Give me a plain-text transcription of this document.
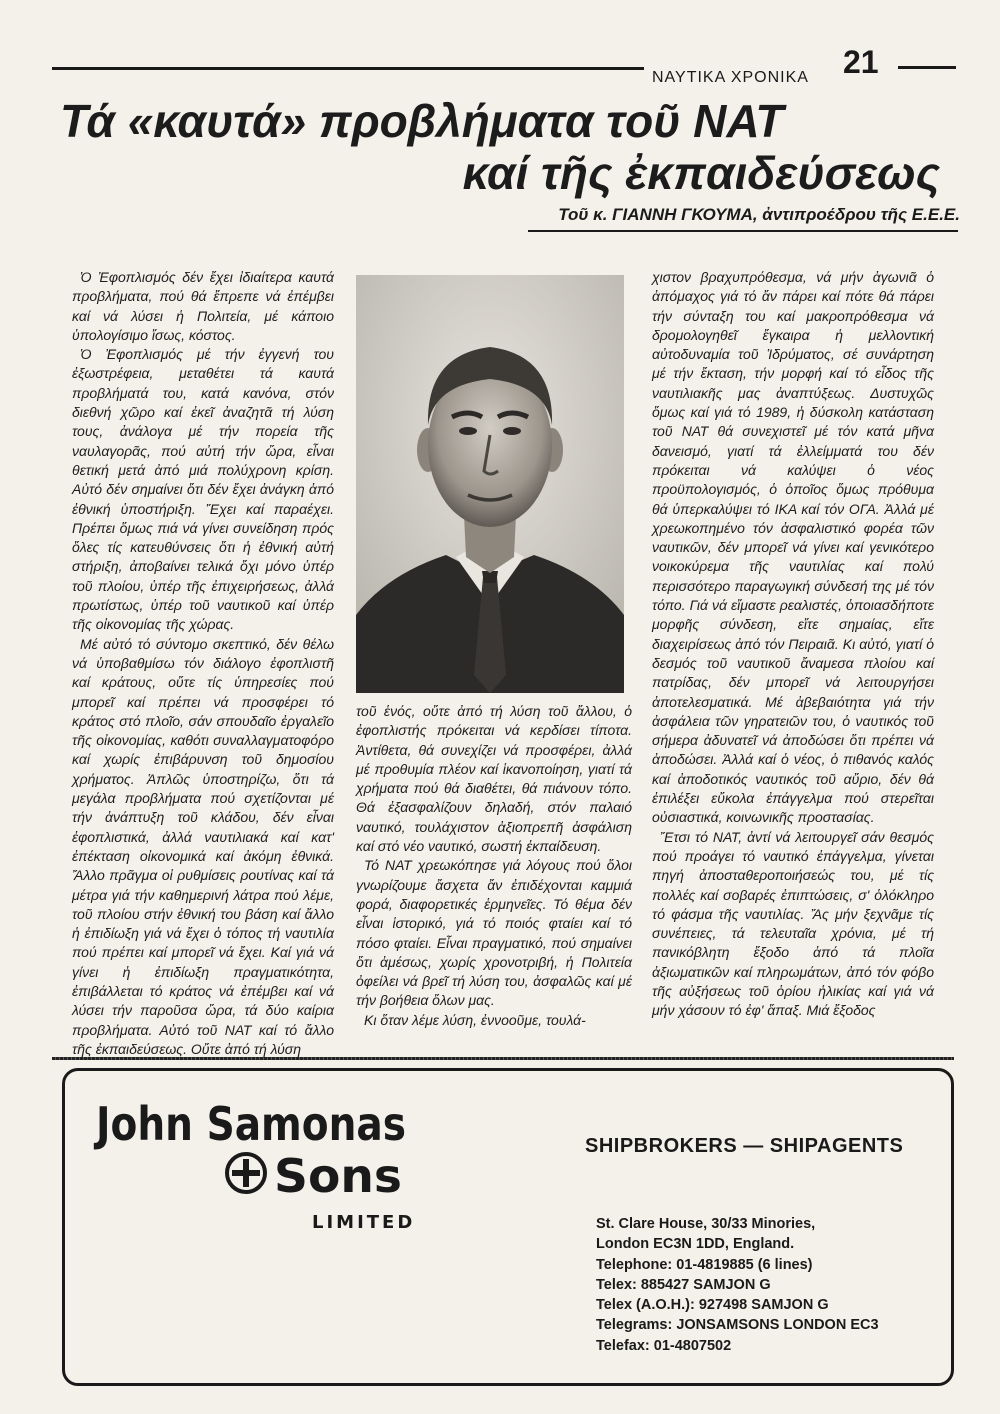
ΝΑΥΤΙΚΑ ΧΡΟΝΙΚΑ	21
Τά «καυτά» προβλήματα τοῦ ΝΑΤ
καί τῆς ἐκπαιδεύσεως
Τοῦ κ. ΓΙΑΝΝΗ ΓΚΟΥΜΑ, ἀντιπροέδρου τῆς Ε.Ε.Ε.

Ὁ Ἐφοπλισμός δέν ἔχει ἰδιαίτερα καυτά προβλήματα, πού θά ἔπρεπε νά ἐπέμβει καί νά λύσει ἡ Πολιτεία, μέ κάποιο ὑπολογίσιμο ἴσως, κόστος.

Ὁ Ἐφοπλισμός μέ τήν ἐγγενή του ἐξωστρέφεια, μεταθέτει τά καυτά προβλήματά του, κατά κανόνα, στόν διεθνή χῶρο καί ἐκεῖ ἀναζητᾶ τή λύση τους, ἀνάλογα μέ τήν πορεία τῆς ναυλαγορᾶς, πού αὐτή τήν ὥρα, εἶναι θετική μετά ἀπό μιά πολύχρονη κρίση. Αὐτό δέν σημαίνει ὅτι δέν ἔχει ἀνάγκη ἀπό ἐθνική ὑποστήριξη. Ἔχει καί παραέχει. Πρέπει ὅμως πιά νά γίνει συνείδηση πρός ὅλες τίς κατευθύνσεις ὅτι ἡ ἐθνική αὐτή στήριξη, ἀποβαίνει τελικά ὄχι μόνο ὑπέρ τοῦ πλοίου, ὑπέρ τῆς ἐπιχειρήσεως, ἀλλά πρωτίστως, ὑπέρ τοῦ ναυτικοῦ καί ὑπέρ τῆς οἰκονομίας τῆς χώρας.

Μέ αὐτό τό σύντομο σκεπτικό, δέν θέλω νά ὑποβαθμίσω τόν διάλογο ἐφοπλιστῆ καί κράτους, οὔτε τίς ὑπηρεσίες πού μπορεῖ καί πρέπει νά προσφέρει τό κράτος στό πλοῖο, σάν σπουδαῖο ἐργαλεῖο τῆς οἰκονομίας, καθότι συναλλαγματοφόρο καί χωρίς ἐπιβάρυνση τοῦ δημοσίου χρήματος. Ἁπλῶς ὑποστηρίζω, ὅτι τά μεγάλα προβλήματα πού σχετίζονται μέ τήν ἀνάπτυξη τοῦ κλάδου, δέν εἶναι ἐφοπλιστικά, ἀλλά ναυτιλιακά καί κατ' ἐπέκταση οἰκονομικά καί ἀκόμη ἐθνικά. Ἄλλο πρᾶγμα οἱ ρυθμίσεις ρουτίνας καί τά μέτρα γιά τήν καθημερινή λάτρα πού λέμε, τοῦ πλοίου στήν ἐθνική του βάση καί ἄλλο ἡ ἐπιδίωξη γιά νά ἔχει ὁ τόπος τή ναυτιλία πού πρέπει καί μπορεῖ νά ἔχει. Καί γιά νά γίνει ἡ ἐπιδίωξη πραγματικότητα, ἐπιβάλλεται τό κράτος νά ἐπέμβει καί νά λύσει τήν παροῦσα ὥρα, τά δύο καίρια προβλήματα. Αὐτό τοῦ ΝΑΤ καί τό ἄλλο τῆς ἐκπαιδεύσεως. Οὔτε ἀπό τή λύση

τοῦ ἑνός, οὔτε ἀπό τή λύση τοῦ ἄλλου, ὁ ἐφοπλιστής πρόκειται νά κερδίσει τίποτα. Ἀντίθετα, θά συνεχίζει νά προσφέρει, ἀλλά μέ προθυμία πλέον καί ἱκανοποίηση, γιατί τά χρήματα πού θά διαθέτει, θά πιάνουν τόπο. Θά ἐξασφαλίζουν δηλαδή, στόν παλαιό ναυτικό, τουλάχιστον ἀξιοπρεπῆ ἀσφάλιση καί στό νέο ναυτικό, σωστή ἐκπαίδευση.

Τό ΝΑΤ χρεωκόπησε γιά λόγους πού ὅλοι γνωρίζουμε ἄσχετα ἄν ἐπιδέχονται καμμιά φορά, διαφορετικές ἑρμηνεῖες. Τό θέμα δέν εἶναι ἱστορικό, γιά τό ποιός φταίει καί τό πόσο φταίει. Εἶναι πραγματικό, πού σημαίνει ὅτι ἀμέσως, χωρίς χρονοτριβή, ἡ Πολιτεία ὀφείλει νά βρεῖ τή λύση του, ἀσφαλῶς καί μέ τήν βοήθεια ὅλων μας.

Κι ὅταν λέμε λύση, ἐννοοῦμε, τουλά-

χιστον βραχυπρόθεσμα, νά μήν ἀγωνιᾶ ὁ ἀπόμαχος γιά τό ἄν πάρει καί πότε θά πάρει τήν σύνταξη του καί μακροπρόθεσμα νά δρομολογηθεῖ ἔγκαιρα ἡ μελλοντική αὐτοδυναμία τοῦ Ἱδρύματος, σέ συνάρτηση μέ τήν ἔκταση, τήν μορφή καί τό εἶδος τῆς ναυτιλιακῆς μας ἀναπτύξεως. Δυστυχῶς ὅμως καί γιά τό 1989, ἡ δύσκολη κατάσταση τοῦ ΝΑΤ θά συνεχιστεῖ μέ τόν κατά μῆνα δανεισμό, γιατί τά ἐλλείμματά του δέν πρόκειται νά καλύψει ὁ νέος προϋπολογισμός, ὁ ὁποῖος ὅμως πρόθυμα θά ὑπερκαλύψει τό ΙΚΑ καί τόν ΟΓΑ. Ἀλλά μέ χρεωκοπημένο τόν ἀσφαλιστικό φορέα τῶν ναυτικῶν, δέν μπορεῖ νά γίνει καί γενικότερο νοικοκύρεμα τῆς ναυτιλίας καί πολύ περισσότερο παραγωγική σύνδεσή της μέ τόν τόπο. Γιά νά εἴμαστε ρεαλιστές, ὁποιασδήποτε μορφῆς σύνδεση, εἴτε σημαίας, εἴτε διαχειρίσεως ἀπό τόν Πειραιᾶ. Κι αὐτό, γιατί ὁ δεσμός τοῦ ναυτικοῦ ἄναμεσα πλοίου καί πατρίδας, δέν μπορεῖ νά λειτουργήσει ἀποτελεσματικά. Μέ ἀβεβαιότητα γιά τήν ἀσφάλεια τῶν γηρατειῶν του, ὁ ναυτικός τοῦ σήμερα ἀδυνατεῖ νά ἀποδώσει ὅτι πρέπει νά ἀποδώσει. Ἀλλά καί ὁ νέος, ὁ πιθανός καλός καί ἀποδοτικός ναυτικός τοῦ αὔριο, δέν θά ἐπιλέξει εὔκολα ἐπάγγελμα πού στερεῖται οὐσιαστικά, κοινωνικῆς προστασίας.

Ἔτσι τό ΝΑΤ, ἀντί νά λειτουργεῖ σάν θεσμός πού προάγει τό ναυτικό ἐπάγγελμα, γίνεται πηγή ἀποσταθεροποιήσεώς του, μέ τίς πολλές καί σοβαρές ἐπιπτώσεις, σ' ὁλόκληρο τό φάσμα τῆς ναυτιλίας. Ἄς μήν ξεχνᾶμε τίς συνέπειες, τά τελευταῖα χρόνια, μέ τή πανικόβλητη ἔξοδο ἀπό τά πλοῖα ἀξιωματικῶν καί πληρωμάτων, ἀπό τόν φόβο τῆς αὐξήσεως τοῦ ὁρίου ἡλικίας καί γιά νά μήν χάσουν τό ἐφ' ἅπαξ. Μιά ἔξοδος

John Samonas
Sons
LIMITED
SHIPBROKERS — SHIPAGENTS
St. Clare House, 30/33 Minories,
London EC3N 1DD, England.
Telephone: 01-4819885 (6 lines)
Telex: 885427 SAMJON G
Telex (A.O.H.): 927498 SAMJON G
Telegrams: JONSAMSONS LONDON EC3
Telefax: 01-4807502
